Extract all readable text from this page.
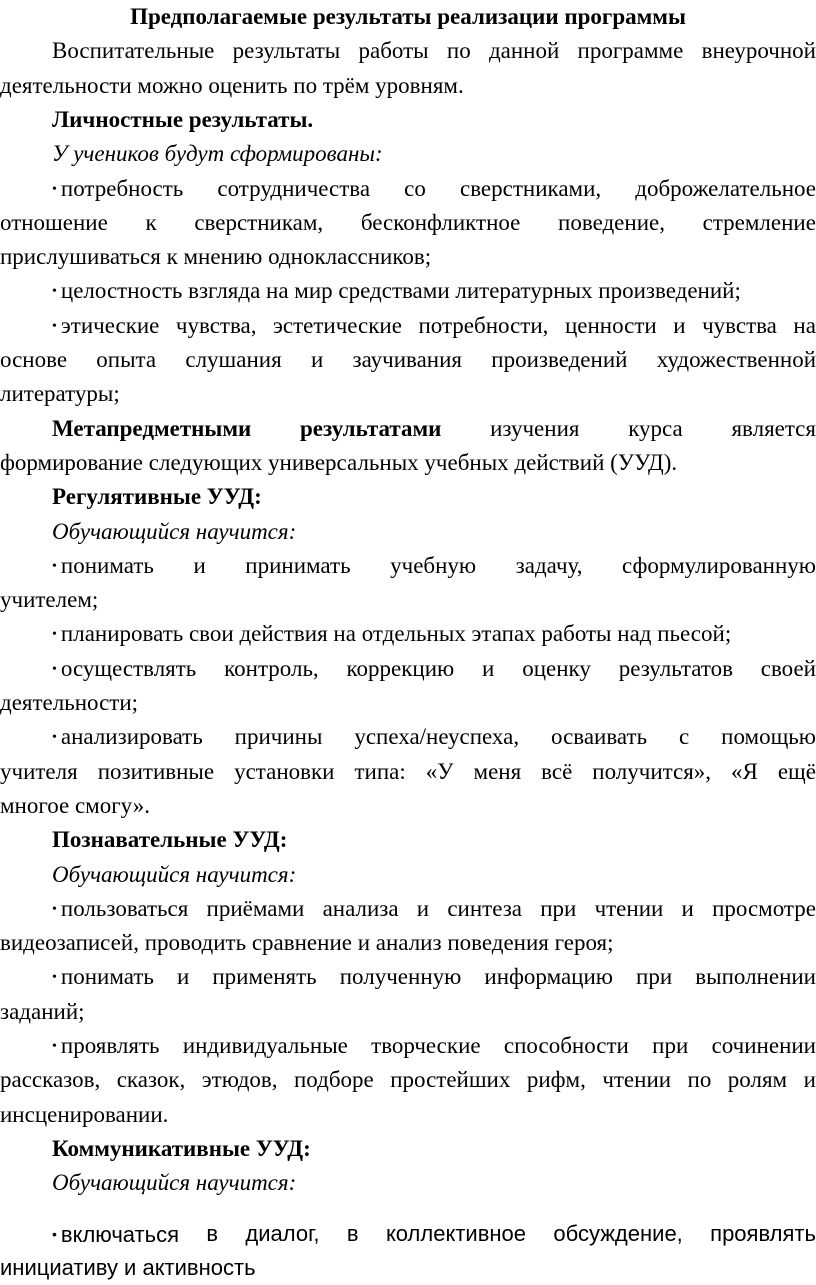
Предполагаемые результаты реализации программы
Воспитательные результаты работы по данной программе внеурочной
деятельности можно оценить по трём уровням.
Личностные результаты.
У учеников будут сформированы:
• потребность сотрудничества со сверстниками, доброжелательное
отношение к сверстникам, бесконфликтное поведение, стремление
прислушиваться к мнению одноклассников;
• целостность взгляда на мир средствами литературных произведений;
• этические чувства, эстетические потребности, ценности и чувства на
основе опыта слушания и заучивания произведений художественной
литературы;
Метапредметными результатами изучения курса является
формирование следующих универсальных учебных действий (УУД).
Регулятивные УУД:
Обучающийся научится:
• понимать и принимать учебную задачу, сформулированную
учителем;
• планировать свои действия на отдельных этапах работы над пьесой;
• осуществлять контроль, коррекцию и оценку результатов своей
деятельности;
• анализировать причины успеха/неуспеха, осваивать с помощью
учителя позитивные установки типа: «У меня всё получится», «Я ещё
многое смогу».
Познавательные УУД:
Обучающийся научится:
• пользоваться приёмами анализа и синтеза при чтении и просмотре
видеозаписей, проводить сравнение и анализ поведения героя;
• понимать и применять полученную информацию при выполнении
заданий;
• проявлять индивидуальные творческие способности при сочинении
рассказов, сказок, этюдов, подборе простейших рифм, чтении по ролям и
инсценировании.
Коммуникативные УУД:
Обучающийся научится:
• включаться в диалог, в коллективное обсуждение, проявлять
инициативу и активность
